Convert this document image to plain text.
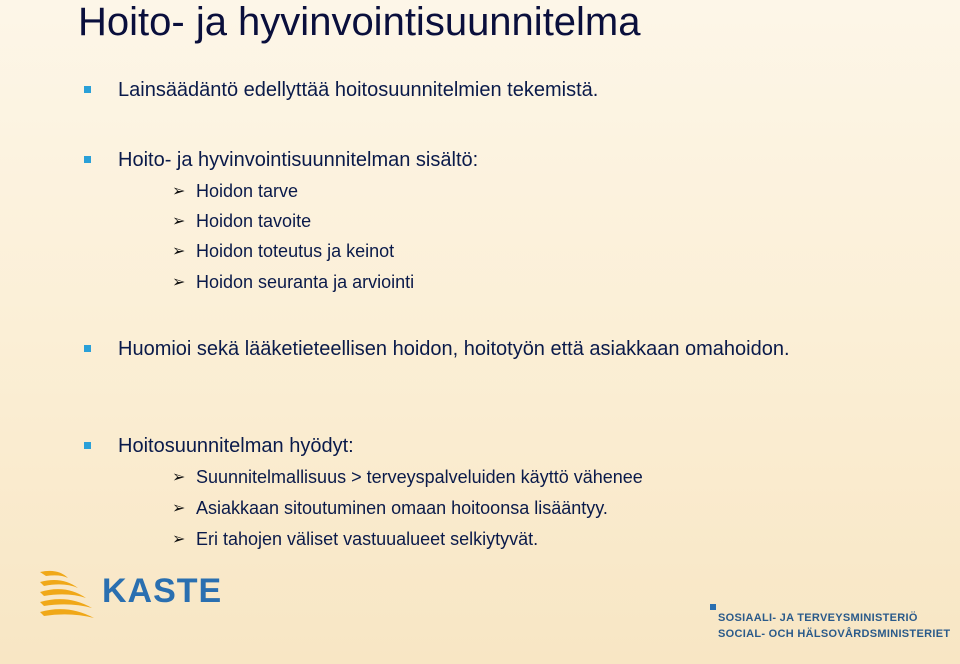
Hoito- ja hyvinvointisuunnitelma
Lainsäädäntö edellyttää hoitosuunnitelmien tekemistä.
Hoito- ja hyvinvointisuunnitelman sisältö:
➢ Hoidon tarve
➢ Hoidon tavoite
➢ Hoidon toteutus ja keinot
➢ Hoidon seuranta ja arviointi
Huomioi sekä lääketieteellisen hoidon, hoitotyön että asiakkaan omahoidon.
Hoitosuunnitelman hyödyt:
➢ Suunnitelmallisuus > terveyspalveluiden käyttö vähenee
➢ Asiakkaan sitoutuminen omaan hoitoonsa lisääntyy.
➢ Eri tahojen väliset vastuualueet selkiytyvät.
KASTE
SOSIAALI- JA TERVEYSMINISTERIÖ
SOCIAL- OCH HÄLSOVÅRDSMINISTERIET
